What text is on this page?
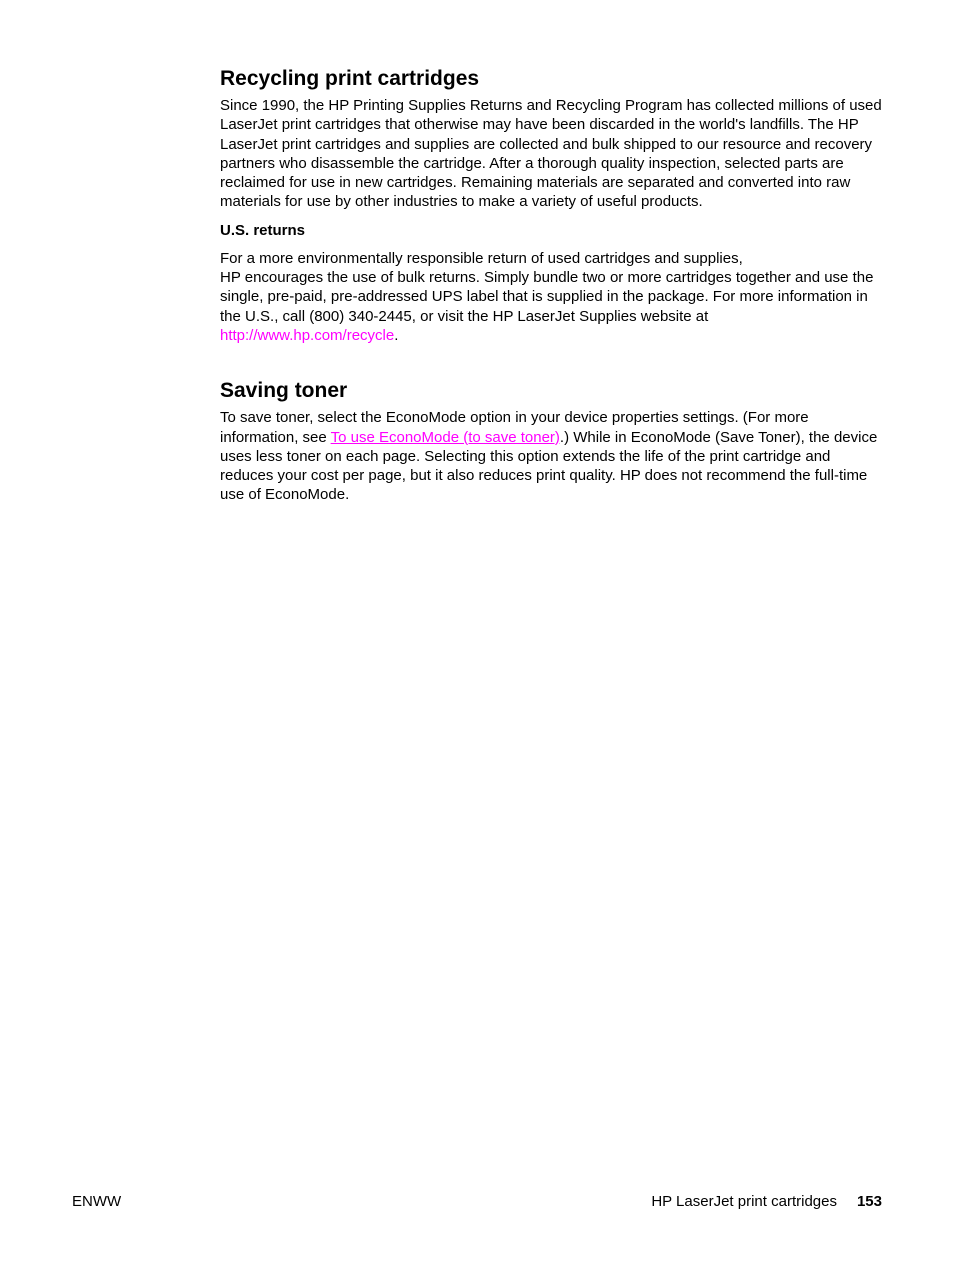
Recycling print cartridges

Since 1990, the HP Printing Supplies Returns and Recycling Program has collected millions of used LaserJet print cartridges that otherwise may have been discarded in the world's landfills. The HP LaserJet print cartridges and supplies are collected and bulk shipped to our resource and recovery partners who disassemble the cartridge. After a thorough quality inspection, selected parts are reclaimed for use in new cartridges. Remaining materials are separated and converted into raw materials for use by other industries to make a variety of useful products.

U.S. returns

For a more environmentally responsible return of used cartridges and supplies,
HP encourages the use of bulk returns. Simply bundle two or more cartridges together and use the single, pre-paid, pre-addressed UPS label that is supplied in the package. For more information in the U.S., call (800) 340-2445, or visit the HP LaserJet Supplies website at http://www.hp.com/recycle.

Saving toner

To save toner, select the EconoMode option in your device properties settings. (For more information, see To use EconoMode (to save toner).) While in EconoMode (Save Toner), the device uses less toner on each page. Selecting this option extends the life of the print cartridge and reduces your cost per page, but it also reduces print quality. HP does not recommend the full-time use of EconoMode.

ENWW	HP LaserJet print cartridges 153
